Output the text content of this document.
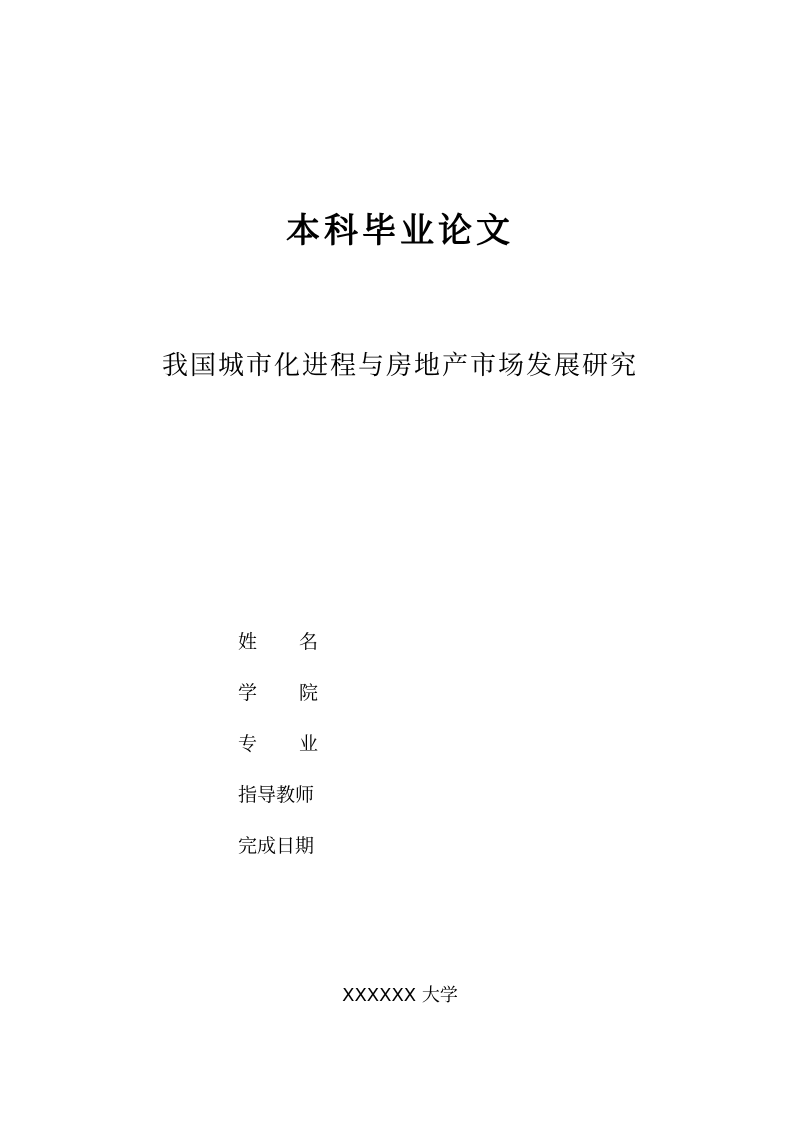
本科毕业论文
我国城市化进程与房地产市场发展研究
姓 名
学 院
专 业
指导教师
完成日期
XXXXXX 大学
